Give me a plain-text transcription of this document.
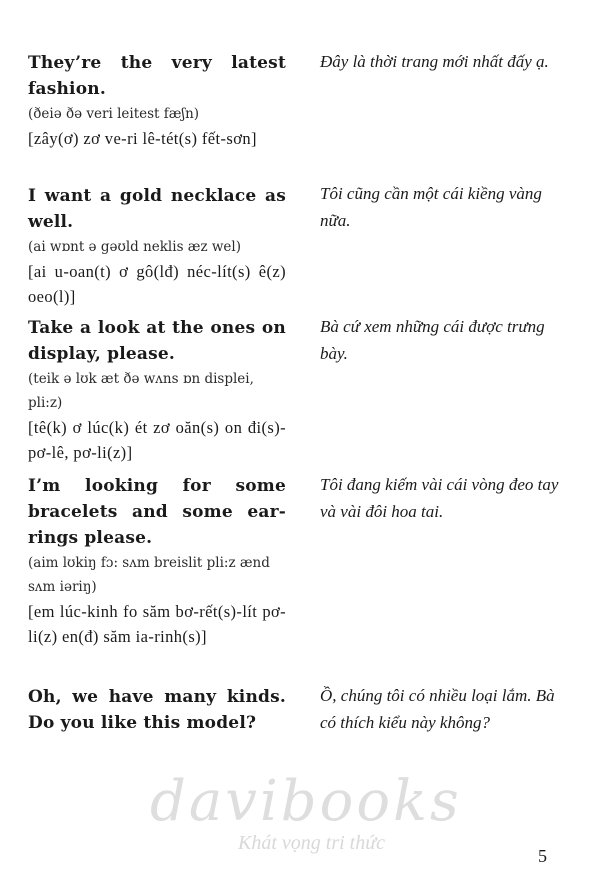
They’re the very latest fashion.

(ðeiə ðə veri leitest fæʃn)

[zây(ơ) zơ ve-ri lê-tét(s) fết-sơn]

Đây là thời trang mới nhất đấy ạ.

I want a gold necklace as well.

(ai wɒnt ə gəʊld neklis æz wel)

[ai u-oan(t) ơ gô(lđ) néc-lít(s) ê(z) oeo(l)]

Tôi cũng cần một cái kiềng vàng nữa.

Take a look at the ones on display, please.

(teik ə lʊk æt ðə wʌns ɒn displei, pli:z)

[tê(k) ơ lúc(k) ét zơ oăn(s) on đi(s)-pơ-lê, pơ-li(z)]

Bà cứ xem những cái được trưng bày.

I’m looking for some bracelets and some ear-rings please.

(aim lʊkiŋ fɔ: sʌm breislit pli:z ænd sʌm iəriŋ)

[em lúc-kinh fo săm bơ-rết(s)-lít pơ-li(z) en(đ) săm ia-rinh(s)]

Tôi đang kiếm vài cái vòng đeo tay và vài đôi hoa tai.

Oh, we have many kinds. Do you like this model?

Ồ, chúng tôi có nhiều loại lắm. Bà có thích kiểu này không?

davibooks
Khát vọng tri thức
5
